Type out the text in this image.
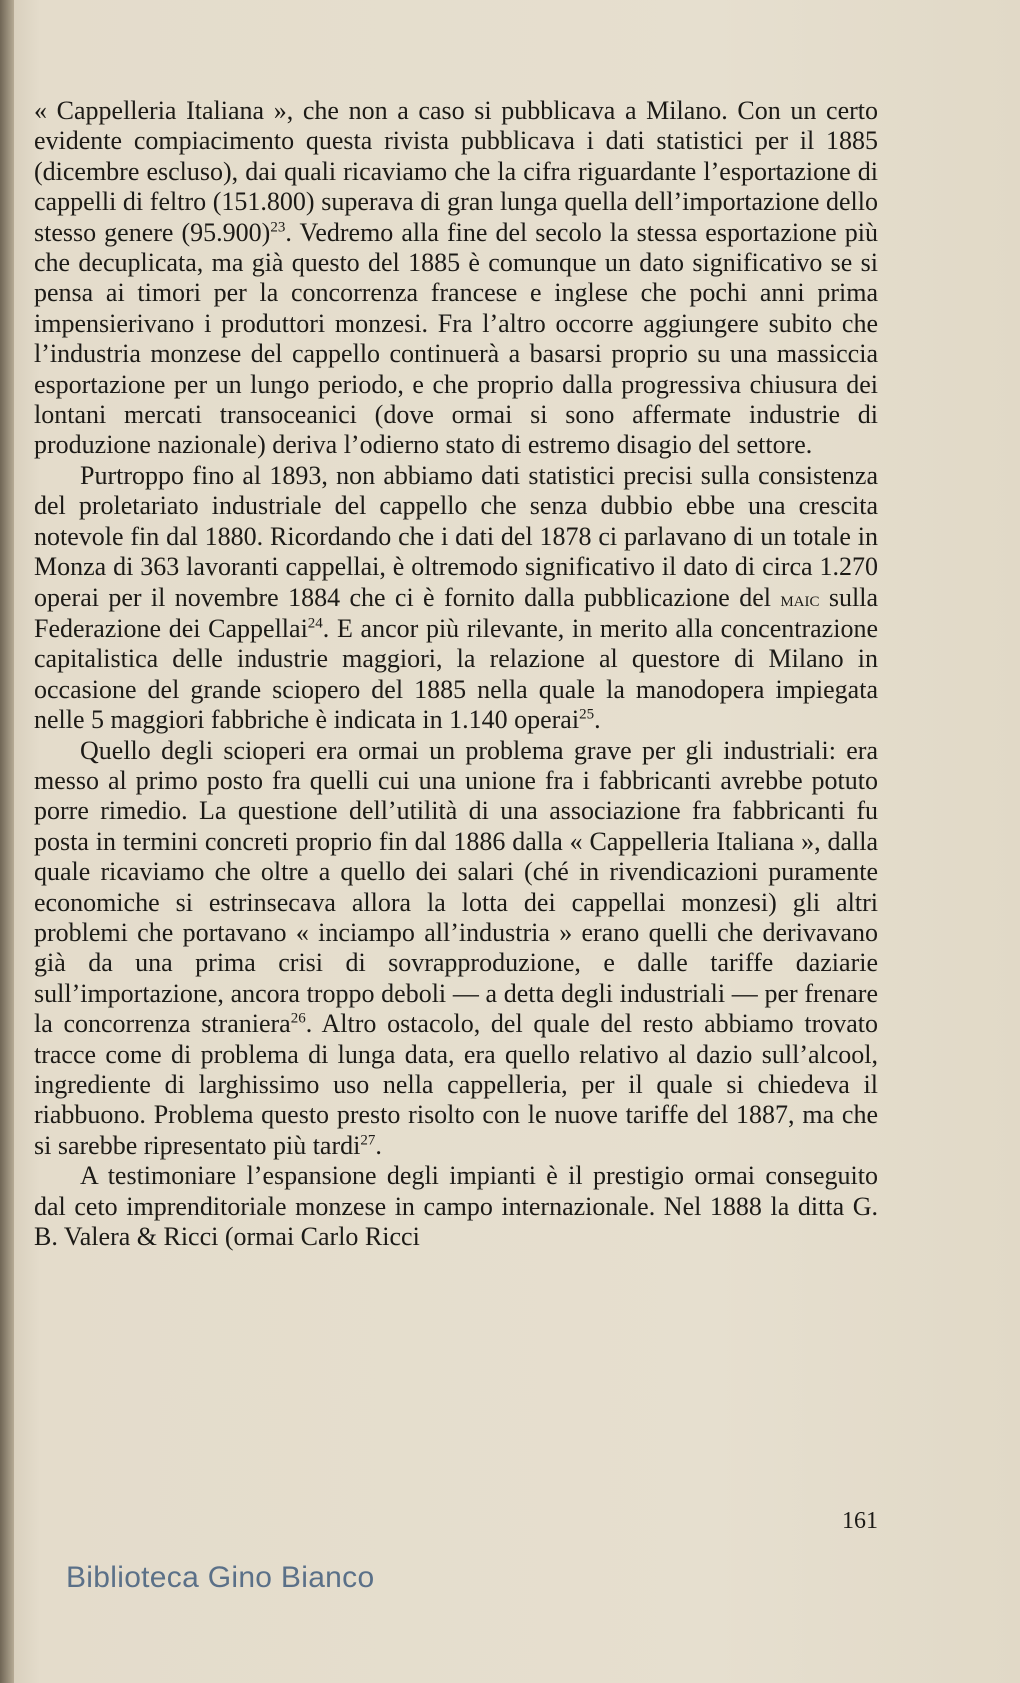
« Cappelleria Italiana », che non a caso si pubblicava a Milano. Con un certo evidente compiacimento questa rivista pubblicava i dati statistici per il 1885 (dicembre escluso), dai quali ricaviamo che la cifra riguardante l’esportazione di cappelli di feltro (151.800) superava di gran lunga quella dell’importazione dello stesso genere (95.900)$^{23}$. Vedremo alla fine del secolo la stessa esportazione più che decuplicata, ma già questo del 1885 è comunque un dato significativo se si pensa ai timori per la concorrenza francese e inglese che pochi anni prima impensierivano i produttori monzesi. Fra l’altro occorre aggiungere subito che l’industria monzese del cappello continuerà a basarsi proprio su una massiccia esportazione per un lungo periodo, e che proprio dalla progressiva chiusura dei lontani mercati transoceanici (dove ormai si sono affermate industrie di produzione nazionale) deriva l’odierno stato di estremo disagio del settore.

Purtroppo fino al 1893, non abbiamo dati statistici precisi sulla consistenza del proletariato industriale del cappello che senza dubbio ebbe una crescita notevole fin dal 1880. Ricordando che i dati del 1878 ci parlavano di un totale in Monza di 363 lavoranti cappellai, è oltremodo significativo il dato di circa 1.270 operai per il novembre 1884 che ci è fornito dalla pubblicazione del maic sulla Federazione dei Cappellai$^{24}$. E ancor più rilevante, in merito alla concentrazione capitalistica delle industrie maggiori, la relazione al questore di Milano in occasione del grande sciopero del 1885 nella quale la manodopera impiegata nelle 5 maggiori fabbriche è indicata in 1.140 operai$^{25}$.

Quello degli scioperi era ormai un problema grave per gli industriali: era messo al primo posto fra quelli cui una unione fra i fabbricanti avrebbe potuto porre rimedio. La questione dell’utilità di una associazione fra fabbricanti fu posta in termini concreti proprio fin dal 1886 dalla « Cappelleria Italiana », dalla quale ricaviamo che oltre a quello dei salari (ché in rivendicazioni puramente economiche si estrinsecava allora la lotta dei cappellai monzesi) gli altri problemi che portavano « inciampo all’industria » erano quelli che derivavano già da una prima crisi di sovrapproduzione, e dalle tariffe daziarie sull’importazione, ancora troppo deboli — a detta degli industriali — per frenare la concorrenza straniera$^{26}$. Altro ostacolo, del quale del resto abbiamo trovato tracce come di problema di lunga data, era quello relativo al dazio sull’alcool, ingrediente di larghissimo uso nella cappelleria, per il quale si chiedeva il riabbuono. Problema questo presto risolto con le nuove tariffe del 1887, ma che si sarebbe ripresentato più tardi$^{27}$.

A testimoniare l’espansione degli impianti è il prestigio ormai conseguito dal ceto imprenditoriale monzese in campo internazionale. Nel 1888 la ditta G. B. Valera & Ricci (ormai Carlo Ricci

161
Biblioteca Gino Bianco
